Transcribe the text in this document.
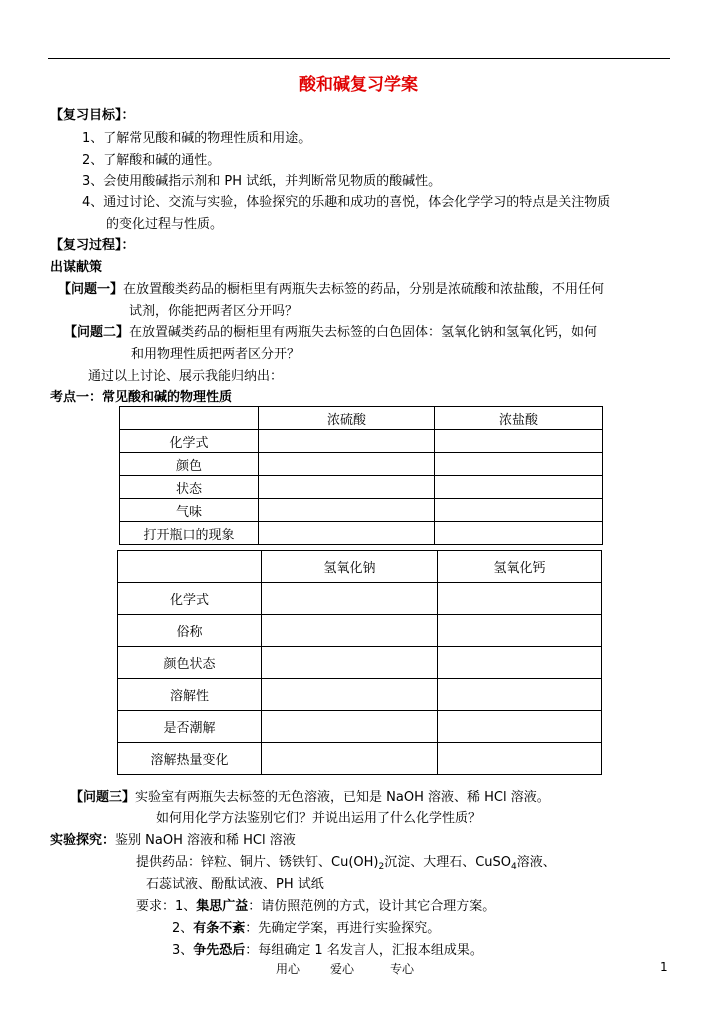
酸和碱复习学案
【复习目标】：
1、了解常见酸和碱的物理性质和用途。
2、了解酸和碱的通性。
3、会使用酸碱指示剂和 PH 试纸，并判断常见物质的酸碱性。
4、通过讨论、交流与实验，体验探究的乐趣和成功的喜悦，体会化学学习的特点是关注物质
的变化过程与性质。
【复习过程】：
出谋献策
【问题一】在放置酸类药品的橱柜里有两瓶失去标签的药品，分别是浓硫酸和浓盐酸，不用任何
试剂，你能把两者区分开吗？
【问题二】在放置碱类药品的橱柜里有两瓶失去标签的白色固体：氢氧化钠和氢氧化钙，如何
和用物理性质把两者区分开？
通过以上讨论、展示我能归纳出：
考点一：常见酸和碱的物理性质
	浓硫酸	浓盐酸
化学式		
颜色		
状态		
气味		
打开瓶口的现象		
	氢氧化钠	氢氧化钙
化学式		
俗称		
颜色状态		
溶解性		
是否潮解		
溶解热量变化		
【问题三】实验室有两瓶失去标签的无色溶液，已知是 NaOH 溶液、稀 HCl 溶液。
如何用化学方法鉴别它们？并说出运用了什么化学性质？
实验探究：鉴别 NaOH 溶液和稀 HCl 溶液
提供药品：锌粒、铜片、锈铁钉、$Cu(OH)_2$沉淀、大理石、CuSO$_4$溶液、
石蕊试液、酚酞试液、PH 试纸
要求：1、集思广益：请仿照范例的方式，设计其它合理方案。
2、有条不紊：先确定学案，再进行实验探究。
3、争先恐后：每组确定 1 名发言人，汇报本组成果。
用心 爱心	专心	1
